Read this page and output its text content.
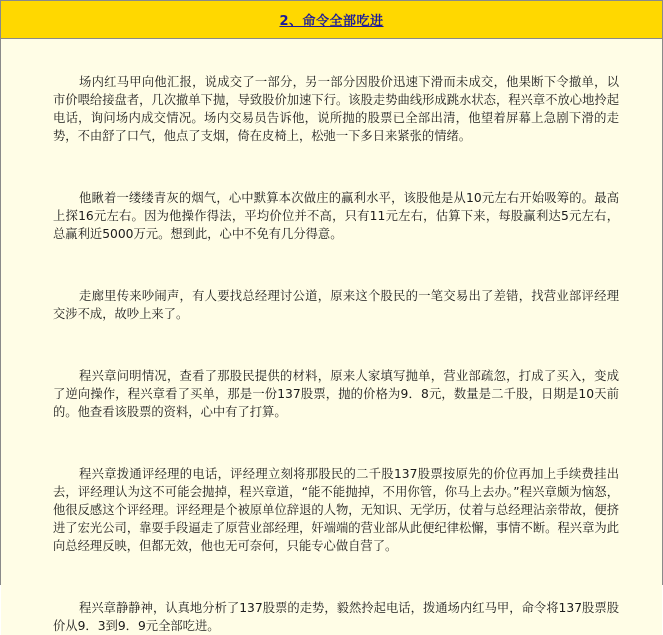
2、命令全部吃进

场内红马甲向他汇报，说成交了一部分，另一部分因股价迅速下滑而未成交，他果断下令撤单，以市价喂给接盘者，几次撤单下抛，导致股价加速下行。该股走势曲线形成跳水状态，程兴章不放心地拎起电话，询问场内成交情况。场内交易员告诉他，说所抛的股票已全部出清，他望着屏幕上急剧下滑的走势，不由舒了口气，他点了支烟，倚在皮椅上，松弛一下多日来紧张的情绪。

他瞅着一缕缕青灰的烟气，心中默算本次做庄的赢利水平，该股他是从10元左右开始吸筹的。最高上探16元左右。因为他操作得法，平均价位并不高，只有11元左右，估算下来，每股赢利达5元左右，总赢利近5000万元。想到此，心中不免有几分得意。

走廊里传来吵闹声，有人要找总经理讨公道，原来这个股民的一笔交易出了差错，找营业部评经理交涉不成，故吵上来了。

程兴章问明情况，查看了那股民提供的材料，原来人家填写抛单，营业部疏忽，打成了买入，变成了逆向操作，程兴章看了买单，那是一份137股票，抛的价格为9．8元，数量是二千股，日期是10天前的。他查看该股票的资料，心中有了打算。

程兴章拨通评经理的电话，评经理立刻将那股民的二千股137股票按原先的价位再加上手续费挂出去，评经理认为这不可能会抛掉，程兴章道，“能不能抛掉，不用你管，你马上去办。”程兴章颇为恼怒，他很反感这个评经理。评经理是个被原单位辞退的人物，无知识、无学历，仗着与总经理沾亲带故，便挤进了宏光公司，靠耍手段逼走了原营业部经理，奸端端的营业部从此便纪律松懈，事情不断。程兴章为此向总经理反映，但都无效，他也无可奈何，只能专心做自营了。

程兴章静静神，认真地分析了137股票的走势，毅然拎起电话，拨通场内红马甲，命令将137股票股价从9．3到9．9元全部吃进。
